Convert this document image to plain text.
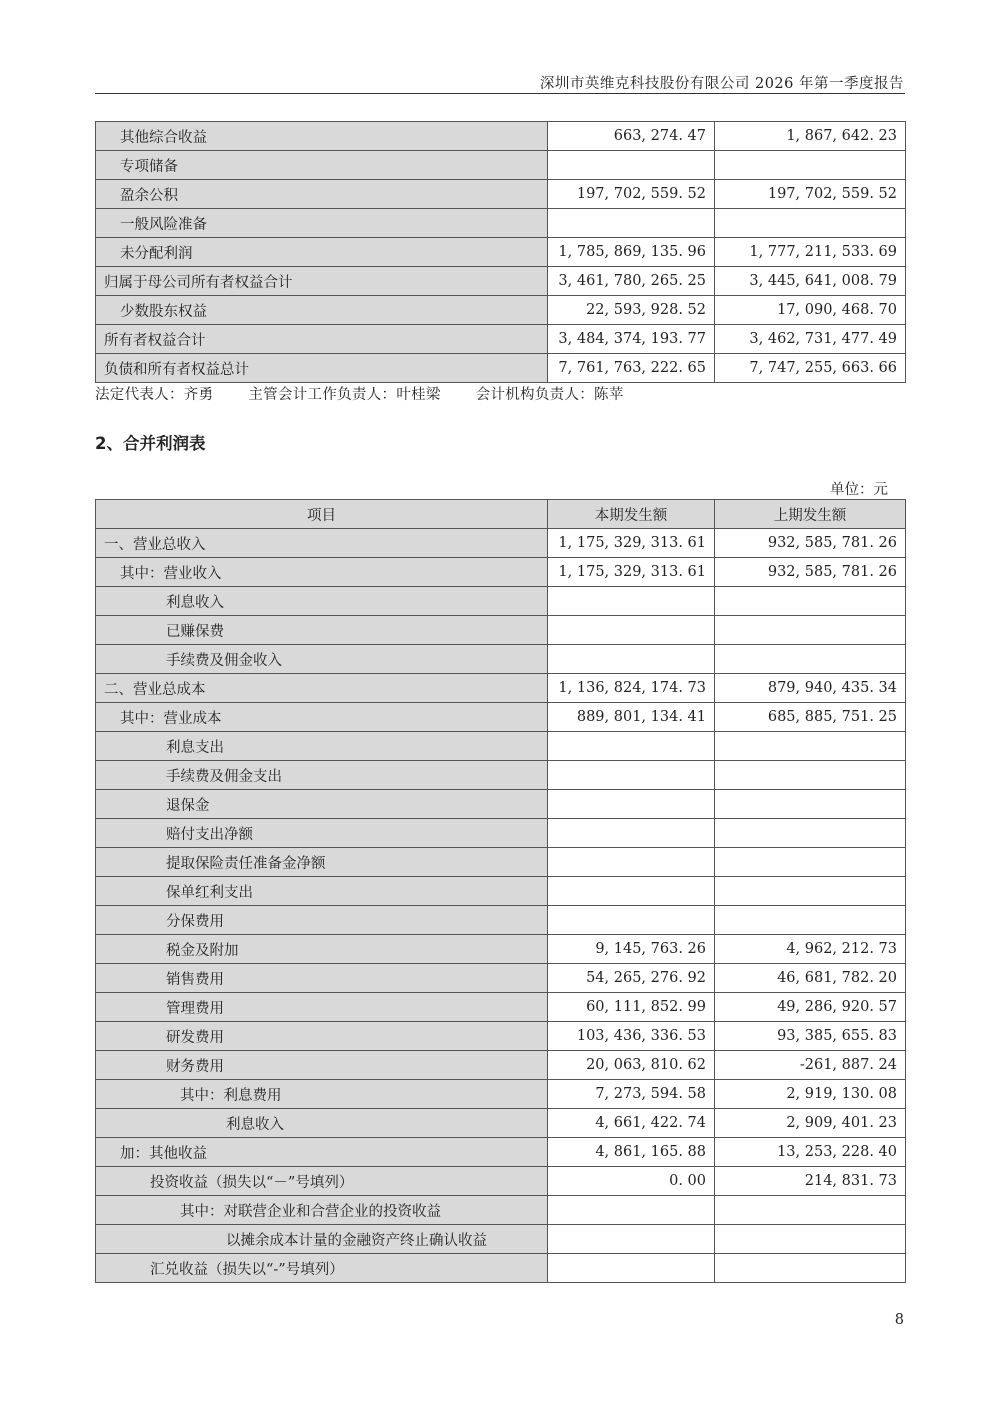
深圳市英维克科技股份有限公司 2026 年第一季度报告
其他综合收益	663, 274. 47	1, 867, 642. 23
专项储备		
盈余公积	197, 702, 559. 52	197, 702, 559. 52
一般风险准备		
未分配利润	1, 785, 869, 135. 96	1, 777, 211, 533. 69
归属于母公司所有者权益合计	3, 461, 780, 265. 25	3, 445, 641, 008. 79
少数股东权益	22, 593, 928. 52	17, 090, 468. 70
所有者权益合计	3, 484, 374, 193. 77	3, 462, 731, 477. 49
负债和所有者权益总计	7, 761, 763, 222. 65	7, 747, 255, 663. 66
法定代表人：齐勇 主管会计工作负责人：叶桂梁 会计机构负责人：陈苹
2、合并利润表
单位：元
项目	本期发生额	上期发生额
一、营业总收入	1, 175, 329, 313. 61	932, 585, 781. 26
其中：营业收入	1, 175, 329, 313. 61	932, 585, 781. 26
利息收入		
已赚保费		
手续费及佣金收入		
二、营业总成本	1, 136, 824, 174. 73	879, 940, 435. 34
其中：营业成本	889, 801, 134. 41	685, 885, 751. 25
利息支出		
手续费及佣金支出		
退保金		
赔付支出净额		
提取保险责任准备金净额		
保单红利支出		
分保费用		
税金及附加	9, 145, 763. 26	4, 962, 212. 73
销售费用	54, 265, 276. 92	46, 681, 782. 20
管理费用	60, 111, 852. 99	49, 286, 920. 57
研发费用	103, 436, 336. 53	93, 385, 655. 83
财务费用	20, 063, 810. 62	-261, 887. 24
其中：利息费用	7, 273, 594. 58	2, 919, 130. 08
利息收入	4, 661, 422. 74	2, 909, 401. 23
加：其他收益	4, 861, 165. 88	13, 253, 228. 40
投资收益（损失以“－”号填列）	0. 00	214, 831. 73
其中：对联营企业和合营企业的投资收益		
以摊余成本计量的金融资产终止确认收益		
汇兑收益（损失以“-”号填列）		
8
